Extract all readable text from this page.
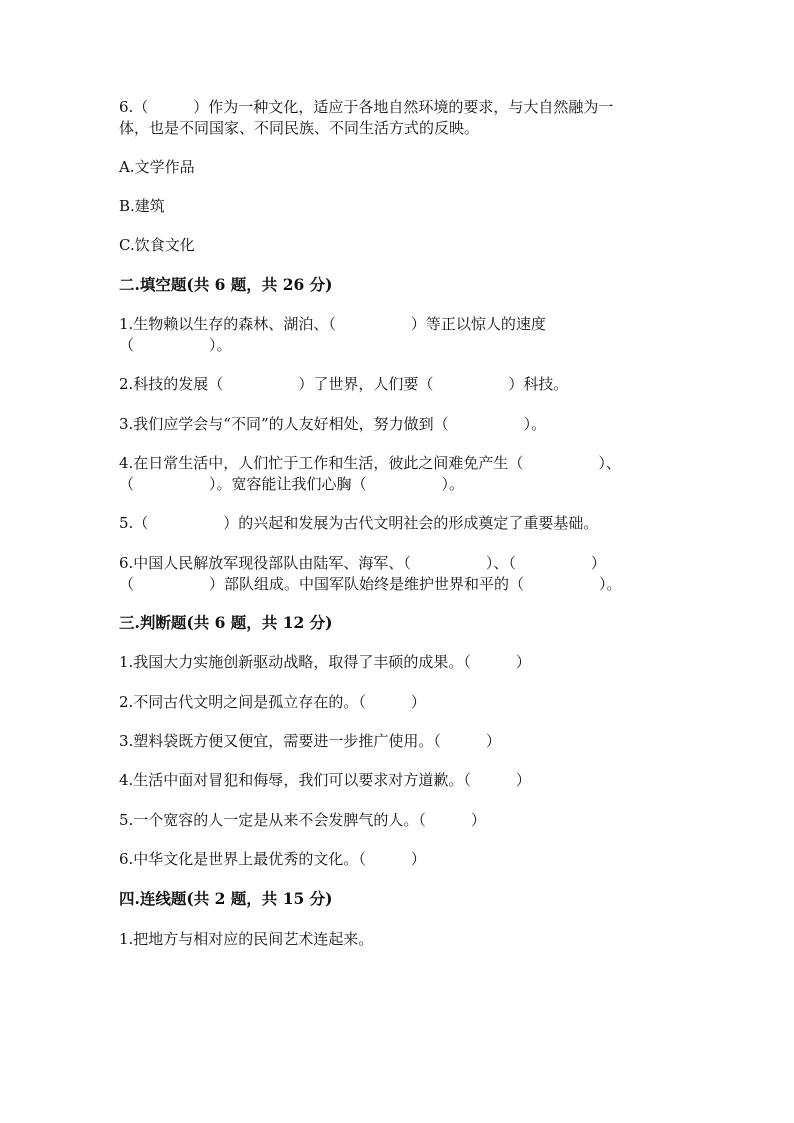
6.（　　　）作为一种文化，适应于各地自然环境的要求，与大自然融为一
体，也是不同国家、不同民族、不同生活方式的反映。
A.文学作品
B.建筑
C.饮食文化
二.填空题(共 6 题，共 26 分)
1.生物赖以生存的森林、湖泊、（　　　　　）等正以惊人的速度
（　　　　　）。
2.科技的发展（　　　　　）了世界，人们要（　　　　　）科技。
3.我们应学会与“不同”的人友好相处，努力做到（　　　　　）。
4.在日常生活中，人们忙于工作和生活，彼此之间难免产生（　　　　　）、
（　　　　　）。宽容能让我们心胸（　　　　　）。
5.（　　　　　）的兴起和发展为古代文明社会的形成奠定了重要基础。
6.中国人民解放军现役部队由陆军、海军、（　　　　　）、（　　　　　）
（　　　　　）部队组成。中国军队始终是维护世界和平的（　　　　　）。
三.判断题(共 6 题，共 12 分)
1.我国大力实施创新驱动战略，取得了丰硕的成果。（　　　）
2.不同古代文明之间是孤立存在的。（　　　）
3.塑料袋既方便又便宜，需要进一步推广使用。（　　　）
4.生活中面对冒犯和侮辱，我们可以要求对方道歉。（　　　）
5.一个宽容的人一定是从来不会发脾气的人。（　　　）
6.中华文化是世界上最优秀的文化。（　　　）
四.连线题(共 2 题，共 15 分)
1.把地方与相对应的民间艺术连起来。
